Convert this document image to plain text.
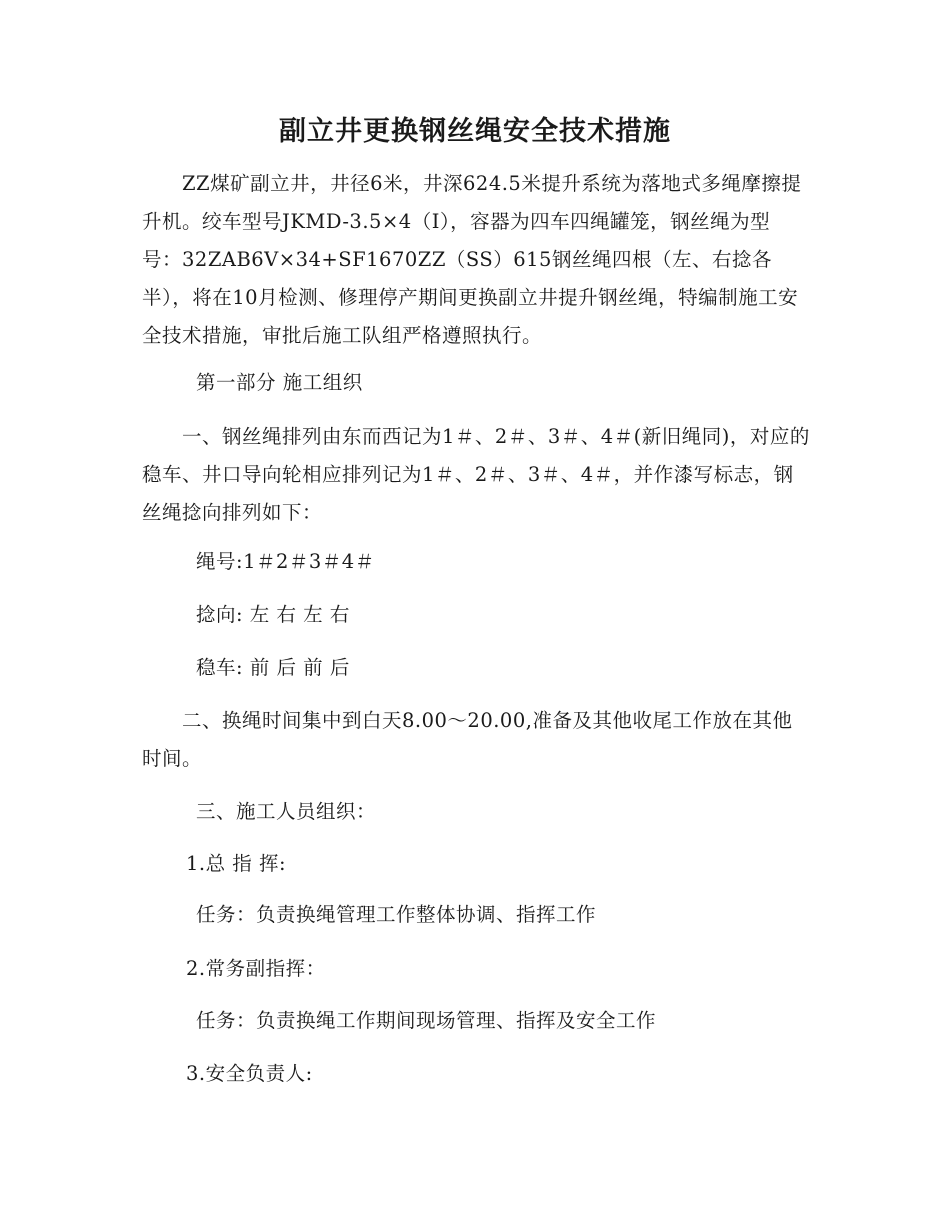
副立井更换钢丝绳安全技术措施

ZZ煤矿副立井，井径6米，井深624.5米提升系统为落地式多绳摩擦提升机。绞车型号JKMD-3.5×4（Ⅰ），容器为四车四绳罐笼，钢丝绳为型号：32ZAB6V×34+SF1670ZZ（SS）615钢丝绳四根（左、右捻各半），将在10月检测、修理停产期间更换副立井提升钢丝绳，特编制施工安全技术措施，审批后施工队组严格遵照执行。

第一部分 施工组织

一、钢丝绳排列由东而西记为1＃、2＃、3＃、4＃(新旧绳同)，对应的稳车、井口导向轮相应排列记为1＃、2＃、3＃、4＃，并作漆写标志，钢丝绳捻向排列如下：

绳号:1＃2＃3＃4＃

捻向: 左 右 左 右

稳车: 前 后 前 后

二、换绳时间集中到白天8.00～20.00,准备及其他收尾工作放在其他时间。

三、施工人员组织：

1.总 指 挥:

任务：负责换绳管理工作整体协调、指挥工作

2.常务副指挥：

任务：负责换绳工作期间现场管理、指挥及安全工作

3.安全负责人:
